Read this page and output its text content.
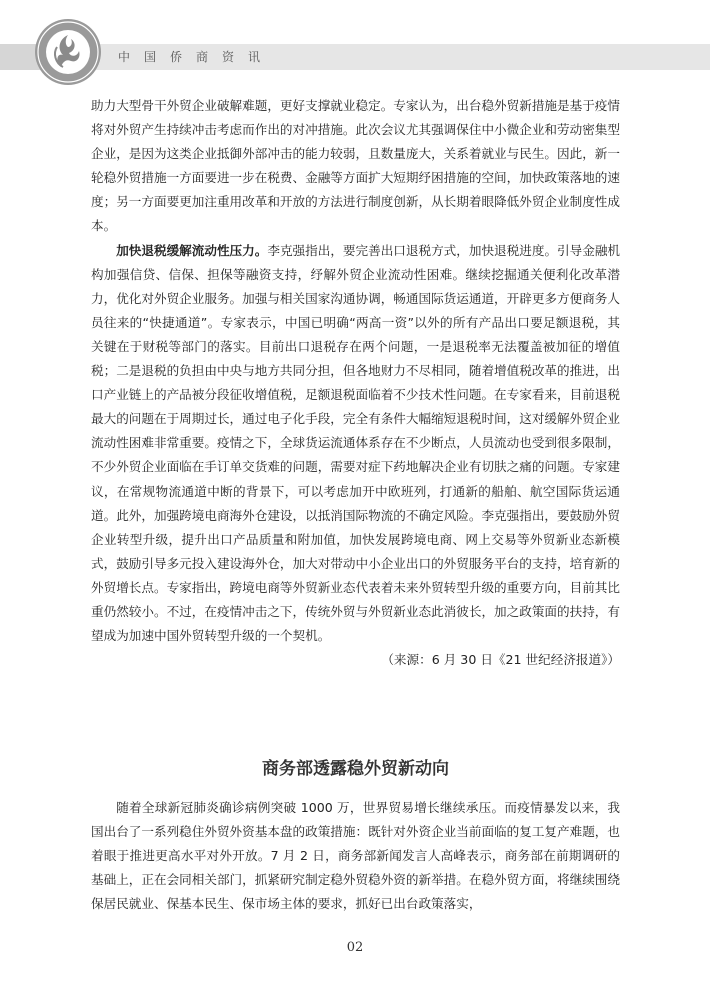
中国侨商资讯

助力大型骨干外贸企业破解难题，更好支撑就业稳定。专家认为，出台稳外贸新措施是基于疫情将对外贸产生持续冲击考虑而作出的对冲措施。此次会议尤其强调保住中小微企业和劳动密集型企业，是因为这类企业抵御外部冲击的能力较弱，且数量庞大，关系着就业与民生。因此，新一轮稳外贸措施一方面要进一步在税费、金融等方面扩大短期纾困措施的空间，加快政策落地的速度；另一方面要更加注重用改革和开放的方法进行制度创新，从长期着眼降低外贸企业制度性成本。

加快退税缓解流动性压力。李克强指出，要完善出口退税方式，加快退税进度。引导金融机构加强信贷、信保、担保等融资支持，纾解外贸企业流动性困难。继续挖掘通关便利化改革潜力，优化对外贸企业服务。加强与相关国家沟通协调，畅通国际货运通道，开辟更多方便商务人员往来的“快捷通道”。专家表示，中国已明确“两高一资”以外的所有产品出口要足额退税，其关键在于财税等部门的落实。目前出口退税存在两个问题，一是退税率无法覆盖被加征的增值税；二是退税的负担由中央与地方共同分担，但各地财力不尽相同，随着增值税改革的推进，出口产业链上的产品被分段征收增值税，足额退税面临着不少技术性问题。在专家看来，目前退税最大的问题在于周期过长，通过电子化手段，完全有条件大幅缩短退税时间，这对缓解外贸企业流动性困难非常重要。疫情之下，全球货运流通体系存在不少断点，人员流动也受到很多限制，不少外贸企业面临在手订单交货难的问题，需要对症下药地解决企业有切肤之痛的问题。专家建议，在常规物流通道中断的背景下，可以考虑加开中欧班列，打通新的船舶、航空国际货运通道。此外，加强跨境电商海外仓建设，以抵消国际物流的不确定风险。李克强指出，要鼓励外贸企业转型升级，提升出口产品质量和附加值，加快发展跨境电商、网上交易等外贸新业态新模式，鼓励引导多元投入建设海外仓，加大对带动中小企业出口的外贸服务平台的支持，培育新的外贸增长点。专家指出，跨境电商等外贸新业态代表着未来外贸转型升级的重要方向，目前其比重仍然较小。不过，在疫情冲击之下，传统外贸与外贸新业态此消彼长，加之政策面的扶持，有望成为加速中国外贸转型升级的一个契机。

（来源：6 月 30 日《21 世纪经济报道》）

商务部透露稳外贸新动向

随着全球新冠肺炎确诊病例突破 1000 万，世界贸易增长继续承压。而疫情暴发以来，我国出台了一系列稳住外贸外资基本盘的政策措施：既针对外资企业当前面临的复工复产难题，也着眼于推进更高水平对外开放。7 月 2 日，商务部新闻发言人高峰表示，商务部在前期调研的基础上，正在会同相关部门，抓紧研究制定稳外贸稳外资的新举措。在稳外贸方面，将继续围绕保居民就业、保基本民生、保市场主体的要求，抓好已出台政策落实，

02
